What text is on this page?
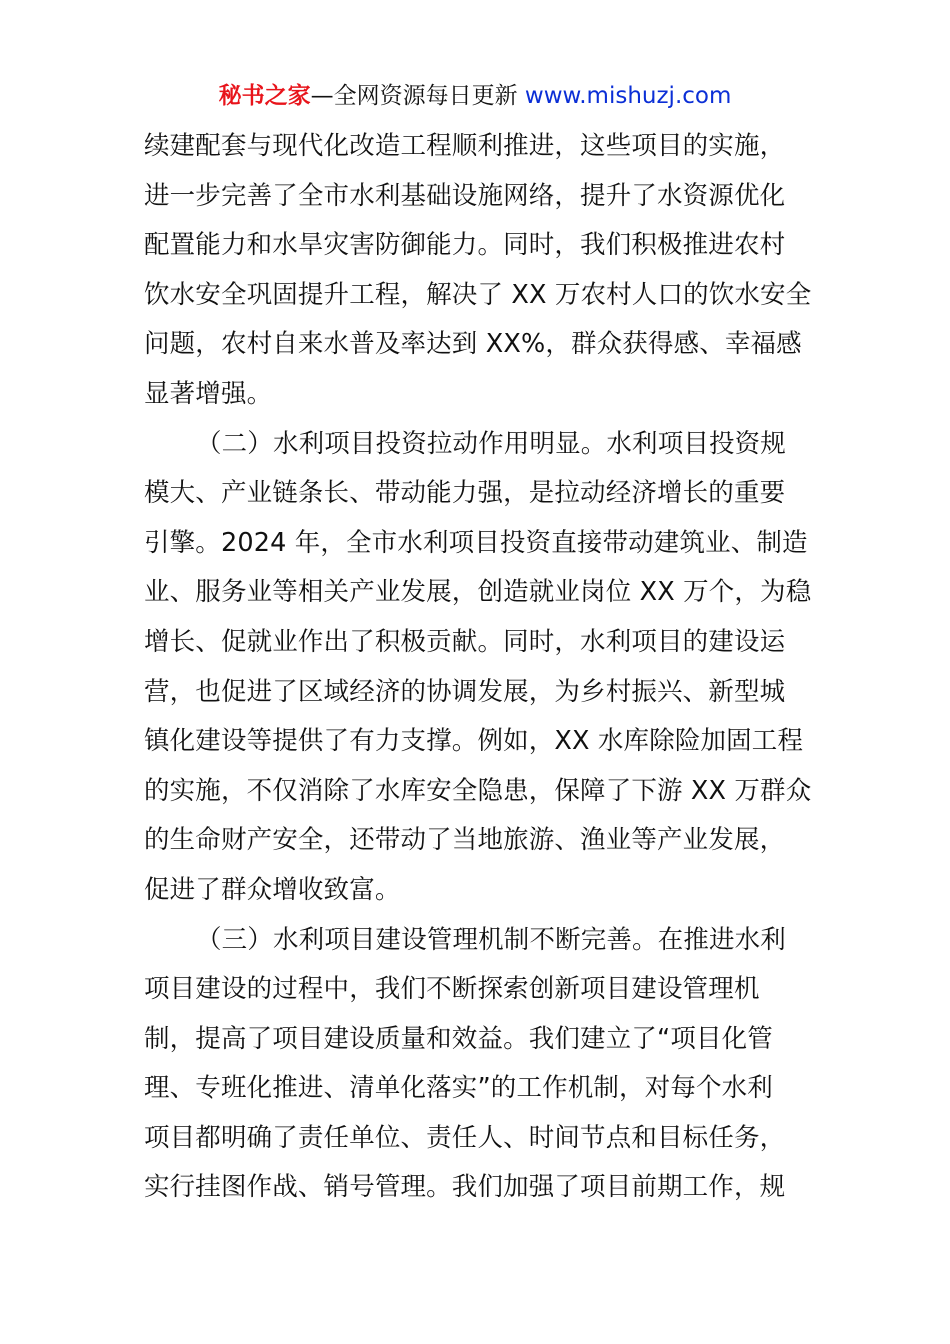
秘书之家—全网资源每日更新 www.mishuzj.com
续建配套与现代化改造工程顺利推进，这些项目的实施，
进一步完善了全市水利基础设施网络，提升了水资源优化
配置能力和水旱灾害防御能力。同时，我们积极推进农村
饮水安全巩固提升工程，解决了 XX 万农村人口的饮水安全
问题，农村自来水普及率达到 XX%，群众获得感、幸福感
显著增强。
（二）水利项目投资拉动作用明显。水利项目投资规
模大、产业链条长、带动能力强，是拉动经济增长的重要
引擎。2024 年，全市水利项目投资直接带动建筑业、制造
业、服务业等相关产业发展，创造就业岗位 XX 万个，为稳
增长、促就业作出了积极贡献。同时，水利项目的建设运
营，也促进了区域经济的协调发展，为乡村振兴、新型城
镇化建设等提供了有力支撑。例如，XX 水库除险加固工程
的实施，不仅消除了水库安全隐患，保障了下游 XX 万群众
的生命财产安全，还带动了当地旅游、渔业等产业发展，
促进了群众增收致富。
（三）水利项目建设管理机制不断完善。在推进水利
项目建设的过程中，我们不断探索创新项目建设管理机
制，提高了项目建设质量和效益。我们建立了“项目化管
理、专班化推进、清单化落实”的工作机制，对每个水利
项目都明确了责任单位、责任人、时间节点和目标任务，
实行挂图作战、销号管理。我们加强了项目前期工作，规
